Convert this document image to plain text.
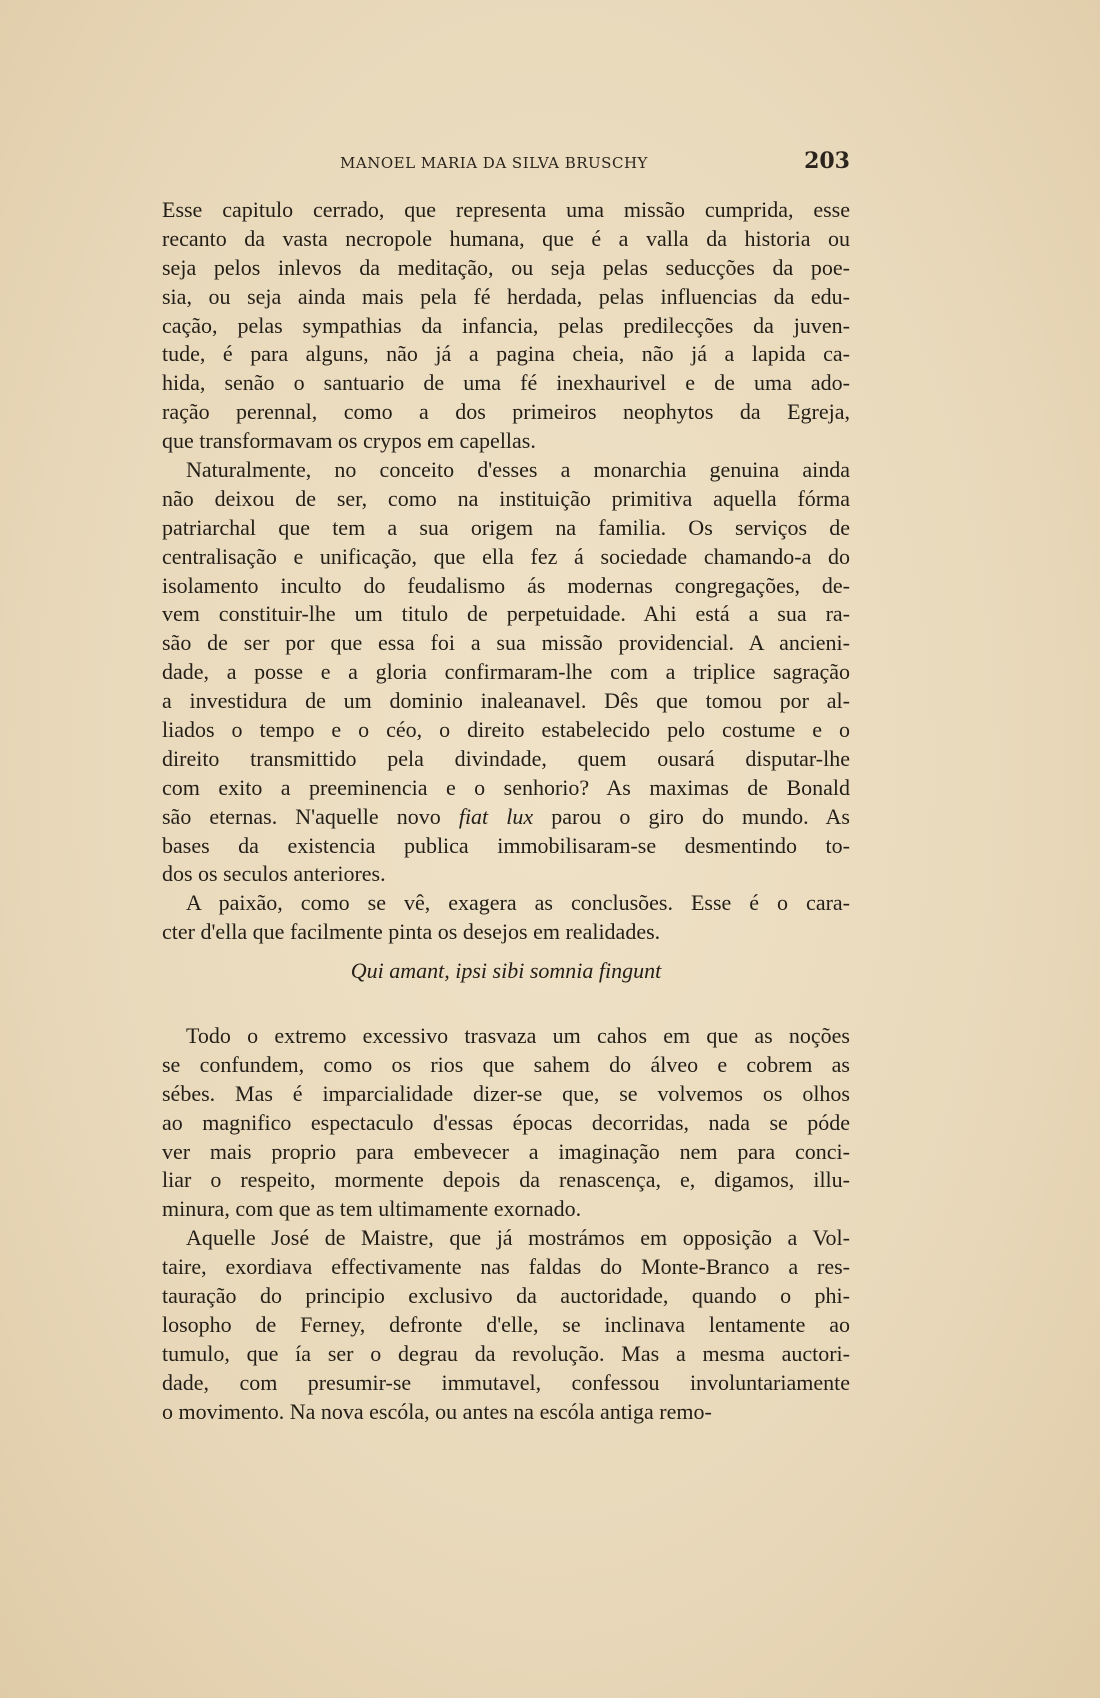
MANOEL MARIA DA SILVA BRUSCHY	203
Esse capitulo cerrado, que representa uma missão cumprida, esse
recanto da vasta necropole humana, que é a valla da historia ou
seja pelos inlevos da meditação, ou seja pelas seducções da poe-
sia, ou seja ainda mais pela fé herdada, pelas influencias da edu-
cação, pelas sympathias da infancia, pelas predilecções da juven-
tude, é para alguns, não já a pagina cheia, não já a lapida ca-
hida, senão o santuario de uma fé inexhaurivel e de uma ado-
ração perennal, como a dos primeiros neophytos da Egreja,
que transformavam os crypos em capellas.
Naturalmente, no conceito d'esses a monarchia genuina ainda
não deixou de ser, como na instituição primitiva aquella fórma
patriarchal que tem a sua origem na familia. Os serviços de
centralisação e unificação, que ella fez á sociedade chamando-a do
isolamento inculto do feudalismo ás modernas congregações, de-
vem constituir-lhe um titulo de perpetuidade. Ahi está a sua ra-
são de ser por que essa foi a sua missão providencial. A ancieni-
dade, a posse e a gloria confirmaram-lhe com a triplice sagração
a investidura de um dominio inaleanavel. Dês que tomou por al-
liados o tempo e o céo, o direito estabelecido pelo costume e o
direito transmittido pela divindade, quem ousará disputar-lhe
com exito a preeminencia e o senhorio? As maximas de Bonald
são eternas. N'aquelle novo fiat lux parou o giro do mundo. As
bases da existencia publica immobilisaram-se desmentindo to-
dos os seculos anteriores.
A paixão, como se vê, exagera as conclusões. Esse é o cara-
cter d'ella que facilmente pinta os desejos em realidades.
Qui amant, ipsi sibi somnia fingunt
Todo o extremo excessivo trasvaza um cahos em que as noções
se confundem, como os rios que sahem do álveo e cobrem as
sébes. Mas é imparcialidade dizer-se que, se volvemos os olhos
ao magnifico espectaculo d'essas épocas decorridas, nada se póde
ver mais proprio para embevecer a imaginação nem para conci-
liar o respeito, mormente depois da renascença, e, digamos, illu-
minura, com que as tem ultimamente exornado.
Aquelle José de Maistre, que já mostrámos em opposição a Vol-
taire, exordiava effectivamente nas faldas do Monte-Branco a res-
tauração do principio exclusivo da auctoridade, quando o phi-
losopho de Ferney, defronte d'elle, se inclinava lentamente ao
tumulo, que ía ser o degrau da revolução. Mas a mesma auctori-
dade, com presumir-se immutavel, confessou involuntariamente
o movimento. Na nova escóla, ou antes na escóla antiga remo-
